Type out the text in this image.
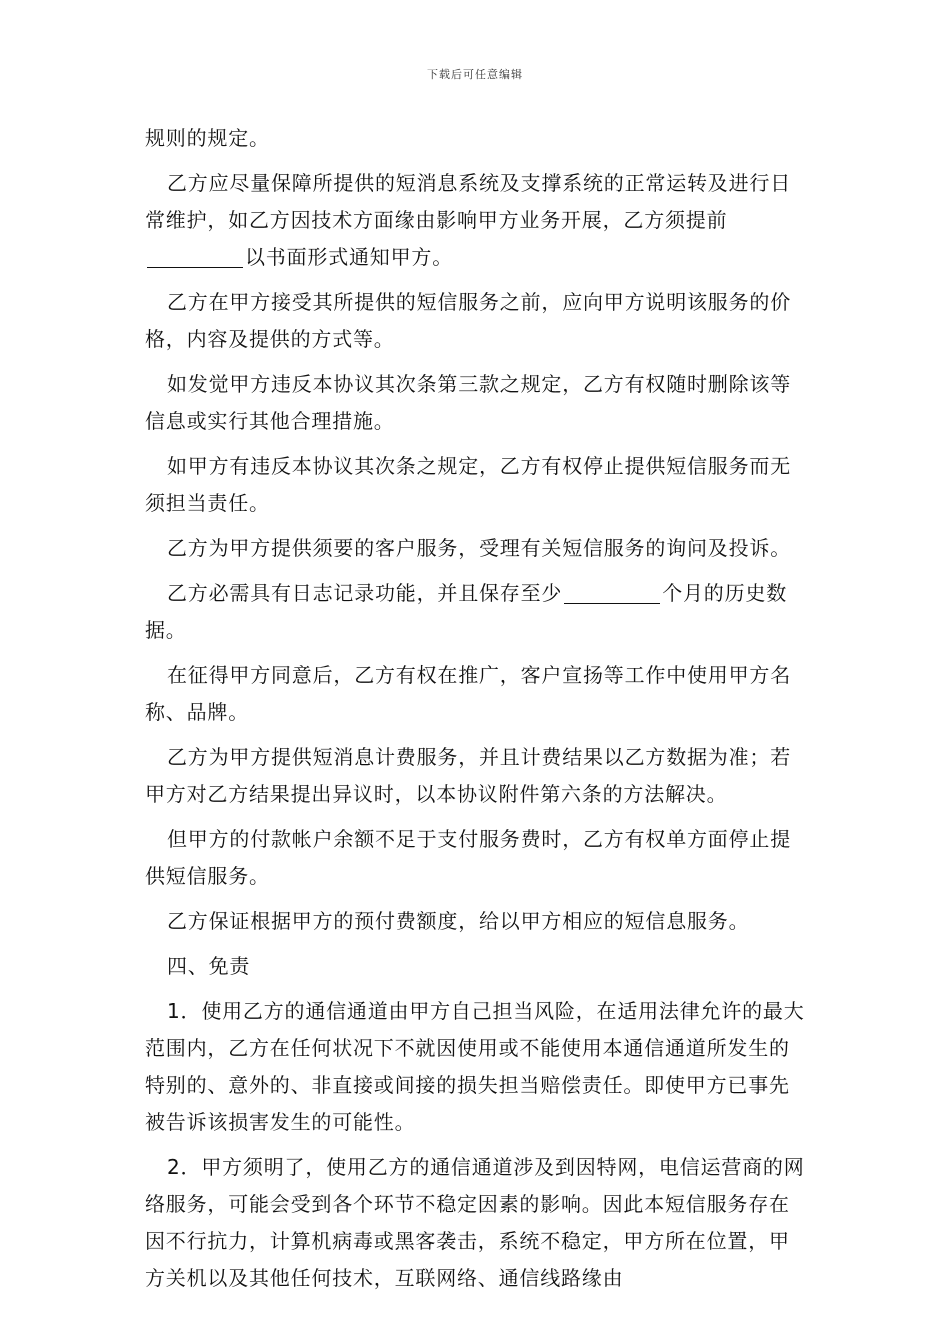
下载后可任意编辑

规则的规定。

乙方应尽量保障所提供的短消息系统及支撑系统的正常运转及进行日常维护，如乙方因技术方面缘由影响甲方业务开展，乙方须提前以书面形式通知甲方。

乙方在甲方接受其所提供的短信服务之前，应向甲方说明该服务的价格，内容及提供的方式等。

如发觉甲方违反本协议其次条第三款之规定，乙方有权随时删除该等信息或实行其他合理措施。

如甲方有违反本协议其次条之规定，乙方有权停止提供短信服务而无须担当责任。

乙方为甲方提供须要的客户服务，受理有关短信服务的询问及投诉。

乙方必需具有日志记录功能，并且保存至少	个月的历史数据。

在征得甲方同意后，乙方有权在推广，客户宣扬等工作中使用甲方名称、品牌。

乙方为甲方提供短消息计费服务，并且计费结果以乙方数据为准；若甲方对乙方结果提出异议时，以本协议附件第六条的方法解决。

但甲方的付款帐户余额不足于支付服务费时，乙方有权单方面停止提供短信服务。

乙方保证根据甲方的预付费额度，给以甲方相应的短信息服务。

四、免责

1．使用乙方的通信通道由甲方自己担当风险，在适用法律允许的最大范围内，乙方在任何状况下不就因使用或不能使用本通信通道所发生的特别的、意外的、非直接或间接的损失担当赔偿责任。即使甲方已事先被告诉该损害发生的可能性。

2．甲方须明了，使用乙方的通信通道涉及到因特网，电信运营商的网络服务，可能会受到各个环节不稳定因素的影响。因此本短信服务存在因不行抗力，计算机病毒或黑客袭击，系统不稳定，甲方所在位置，甲方关机以及其他任何技术，互联网络、通信线路缘由
